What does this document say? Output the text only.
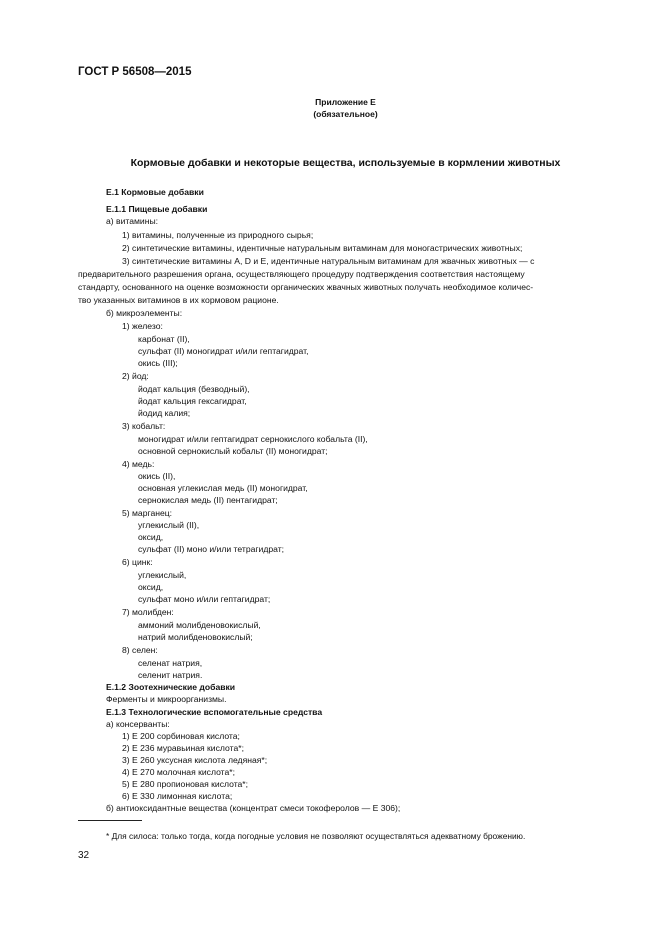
ГОСТ Р 56508—2015
Приложение Е
(обязательное)
Кормовые добавки и некоторые вещества, используемые в кормлении животных
Е.1 Кормовые добавки
Е.1.1 Пищевые добавки
а) витамины:
1) витамины, полученные из природного сырья;
2) синтетические витамины, идентичные натуральным витаминам для моногастрических животных;
3) синтетические витамины A, D и E, идентичные натуральным витаминам для жвачных животных — с
предварительного разрешения органа, осуществляющего процедуру подтверждения соответствия настоящему
стандарту, основанного на оценке возможности органических жвачных животных получать необходимое количес-
тво указанных витаминов в их кормовом рационе.
б) микроэлементы:
1) железо:
карбонат (II),
сульфат (II) моногидрат и/или гептагидрат,
окись (III);
2) йод:
йодат кальция (безводный),
йодат кальция гексагидрат,
йодид калия;
3) кобальт:
моногидрат и/или гептагидрат сернокислого кобальта (II),
основной сернокислый кобальт (II) моногидрат;
4) медь:
окись (II),
основная углекислая медь (II) моногидрат,
сернокислая медь (II) пентагидрат;
5) марганец:
углекислый (II),
оксид,
сульфат (II) моно и/или тетрагидрат;
6) цинк:
углекислый,
оксид,
сульфат моно и/или гептагидрат;
7) молибден:
аммоний молибденовокислый,
натрий молибденовокислый;
8) селен:
селенат натрия,
селенит натрия.
Е.1.2 Зоотехнические добавки
Ферменты и микроорганизмы.
Е.1.3 Технологические вспомогательные средства
а) консерванты:
1) Е 200 сорбиновая кислота;
2) Е 236 муравьиная кислота*;
3) Е 260 уксусная кислота ледяная*;
4) Е 270 молочная кислота*;
5) Е 280 пропионовая кислота*;
6) Е 330 лимонная кислота;
б) антиоксидантные вещества (концентрат смеси токоферолов — Е 306);
* Для силоса: только тогда, когда погодные условия не позволяют осуществляться адекватному брожению.
32
